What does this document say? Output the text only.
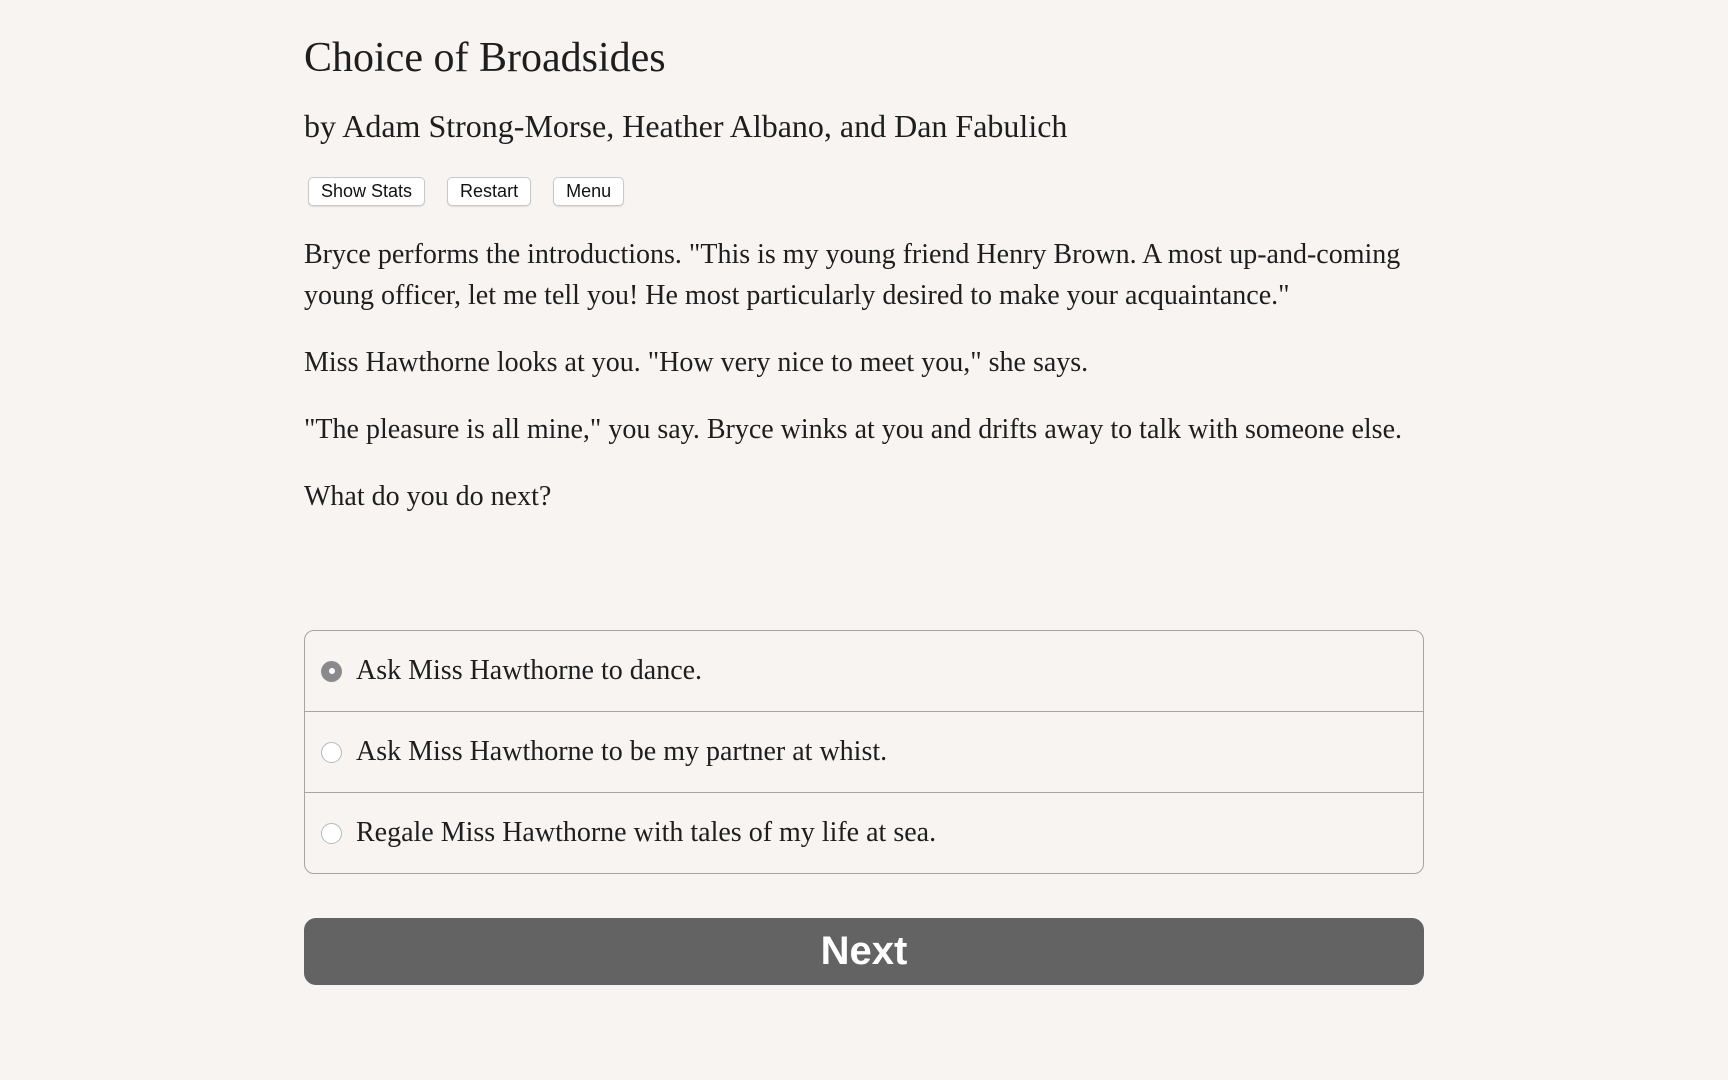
Choice of Broadsides
by Adam Strong-Morse, Heather Albano, and Dan Fabulich
Show Stats	Restart	Menu

Bryce performs the introductions. "This is my young friend Henry Brown. A most up-and-coming young officer, let me tell you! He most particularly desired to make your acquaintance."

Miss Hawthorne looks at you. "How very nice to meet you," she says.

"The pleasure is all mine," you say. Bryce winks at you and drifts away to talk with someone else.

What do you do next?

Ask Miss Hawthorne to dance.
Ask Miss Hawthorne to be my partner at whist.
Regale Miss Hawthorne with tales of my life at sea.
Next
